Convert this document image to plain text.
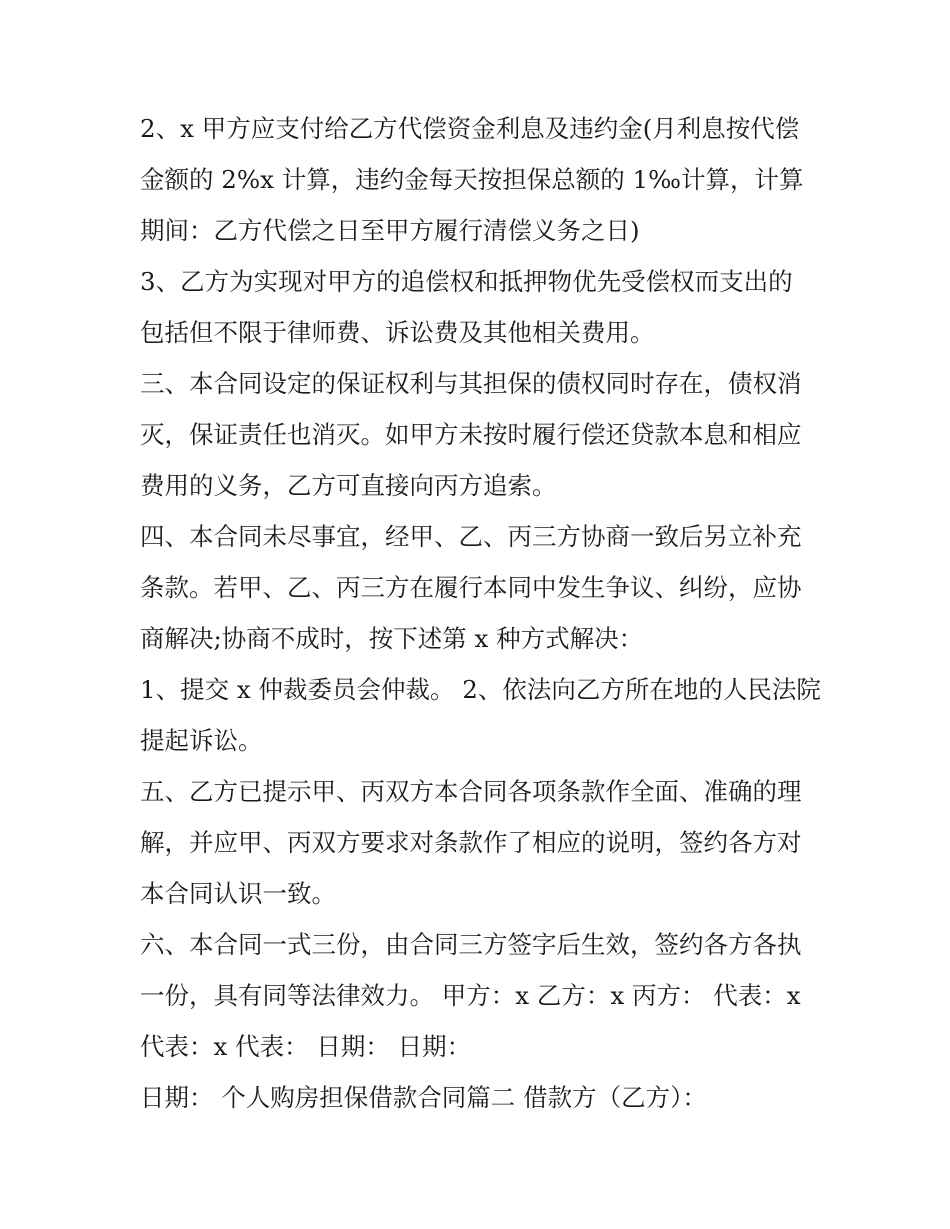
2、x 甲方应支付给乙方代偿资金利息及违约金(月利息按代偿
金额的 2%x 计算，违约金每天按担保总额的 1‰计算，计算
期间：乙方代偿之日至甲方履行清偿义务之日)

3、乙方为实现对甲方的追偿权和抵押物优先受偿权而支出的
包括但不限于律师费、诉讼费及其他相关费用。

三、本合同设定的保证权利与其担保的债权同时存在，债权消
灭，保证责任也消灭。如甲方未按时履行偿还贷款本息和相应
费用的义务，乙方可直接向丙方追索。

四、本合同未尽事宜，经甲、乙、丙三方协商一致后另立补充
条款。若甲、乙、丙三方在履行本同中发生争议、纠纷，应协
商解决;协商不成时，按下述第 x 种方式解决：

1、提交 x 仲裁委员会仲裁。 2、依法向乙方所在地的人民法院
提起诉讼。

五、乙方已提示甲、丙双方本合同各项条款作全面、准确的理
解，并应甲、丙双方要求对条款作了相应的说明，签约各方对
本合同认识一致。

六、本合同一式三份，由合同三方签字后生效，签约各方各执
一份，具有同等法律效力。 甲方：x 乙方：x 丙方： 代表：x
代表：x 代表： 日期： 日期：

日期： 个人购房担保借款合同篇二 借款方（乙方）：
